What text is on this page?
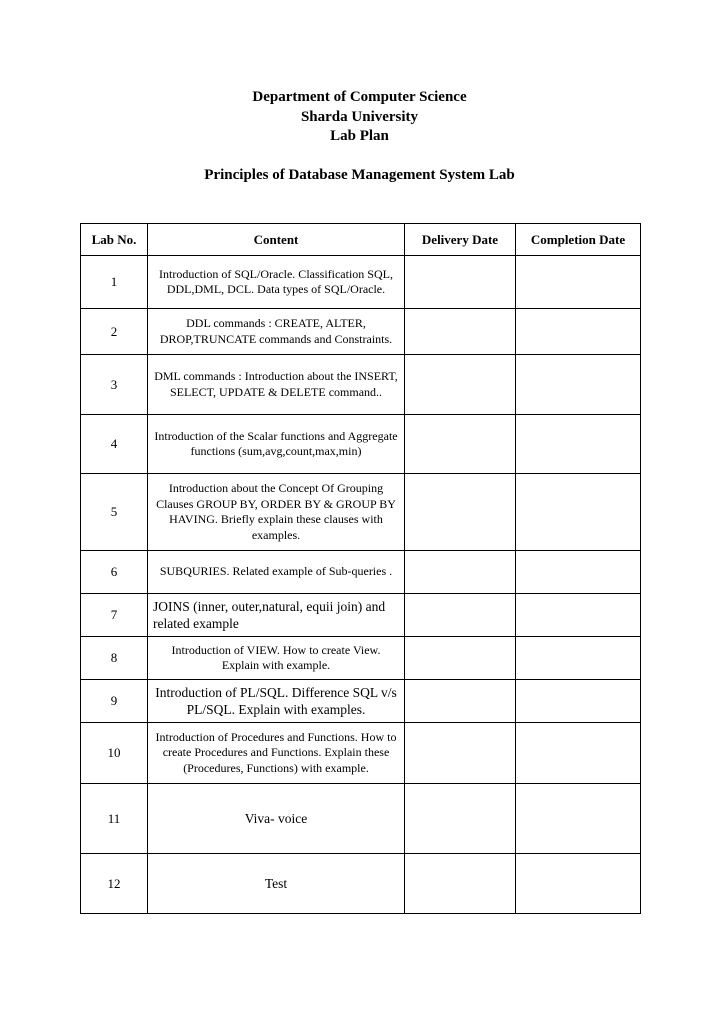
Department of Computer Science
Sharda University
Lab Plan
Principles of Database Management System Lab
Lab No.	Content	Delivery Date	Completion Date
1	Introduction of SQL/Oracle. Classification SQL, DDL,DML, DCL. Data types of SQL/Oracle.		
2	DDL commands : CREATE, ALTER, DROP,TRUNCATE commands and Constraints.		
3	DML commands : Introduction about the INSERT, SELECT, UPDATE & DELETE command..		
4	Introduction of the Scalar functions and Aggregate functions (sum,avg,count,max,min)		
5	Introduction about the Concept Of Grouping Clauses GROUP BY, ORDER BY & GROUP BY HAVING. Briefly explain these clauses with examples.		
6	SUBQURIES. Related example of Sub-queries .		
7	JOINS (inner, outer,natural, equii join) and related example		
8	Introduction of VIEW. How to create View. Explain with example.		
9	Introduction of PL/SQL. Difference SQL v/s PL/SQL. Explain with examples.		
10	Introduction of Procedures and Functions. How to create Procedures and Functions. Explain these (Procedures, Functions) with example.		
11	Viva- voice		
12	Test		
